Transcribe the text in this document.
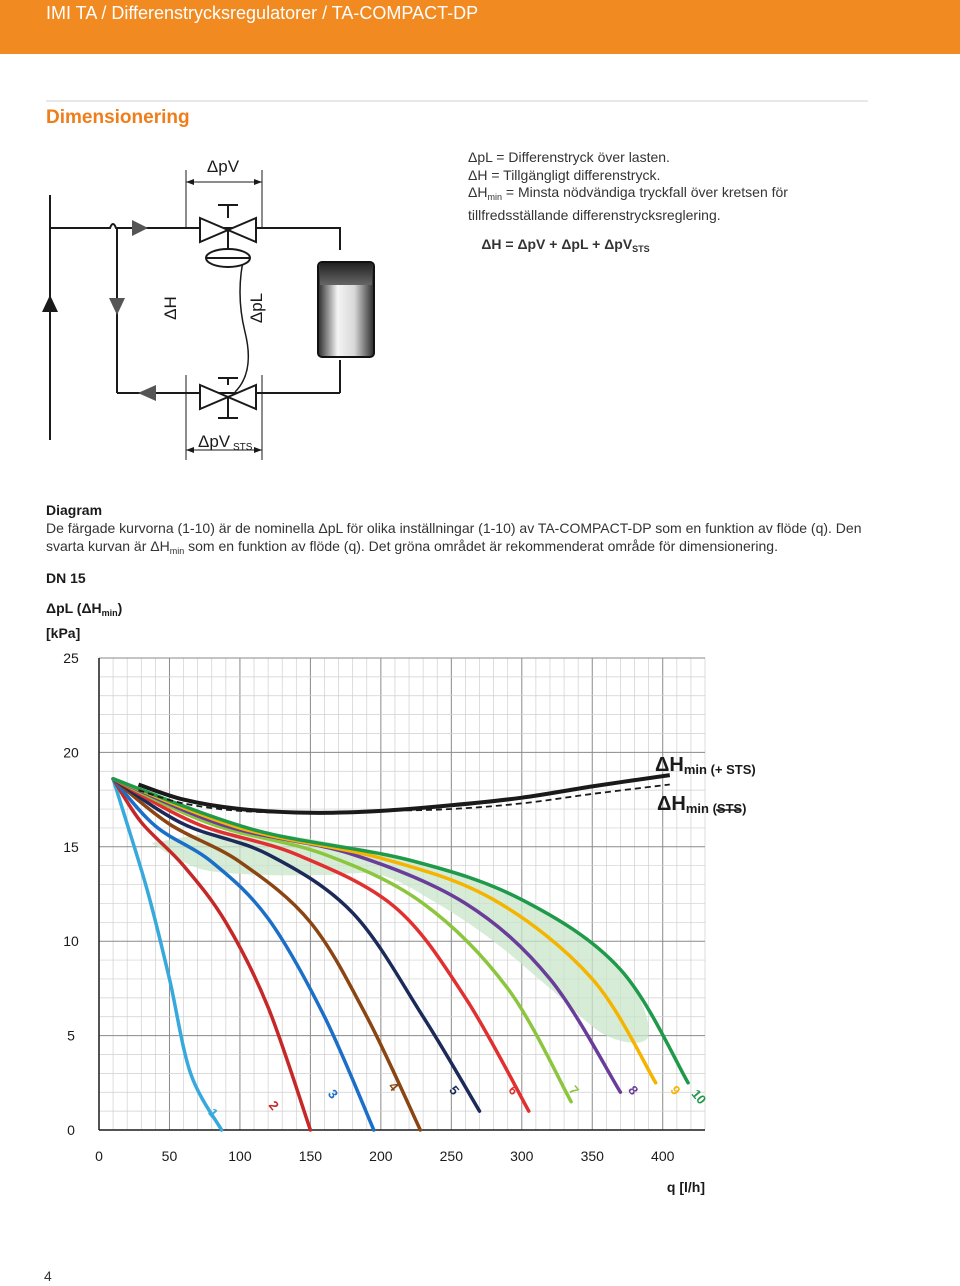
IMI TA / Differenstrycksregulatorer / TA-COMPACT-DP
Dimensionering
ΔpL = Differenstryck över lasten.
ΔH = Tillgängligt differenstryck.
$\Delta H_{min}$ = Minsta nödvändiga tryckfall över kretsen för
tillfredsställande differenstrycksreglering.
ΔH = ΔpV + ΔpL + ΔpV$_{STS}$
ΔpV
ΔH	ΔpL
ΔpV STS
Diagram
De färgade kurvorna (1-10) är de nominella ΔpL för olika inställningar (1-10) av TA-COMPACT-DP som en funktion av flöde (q). Den svarta kurvan är $\Delta H_{min}$ som en funktion av flöde (q). Det gröna området är rekommenderat område för dimensionering.
DN 15
ΔpL $(\Delta H_{min})$
[kPa]
0
5
10
15
20
25
0	50	100	150	200	250	300	350	400
q [l/h]
1	2
3	4	5	6	7	8 9 10
ΔHmin (+ STS)
ΔHmin (STS)
4
